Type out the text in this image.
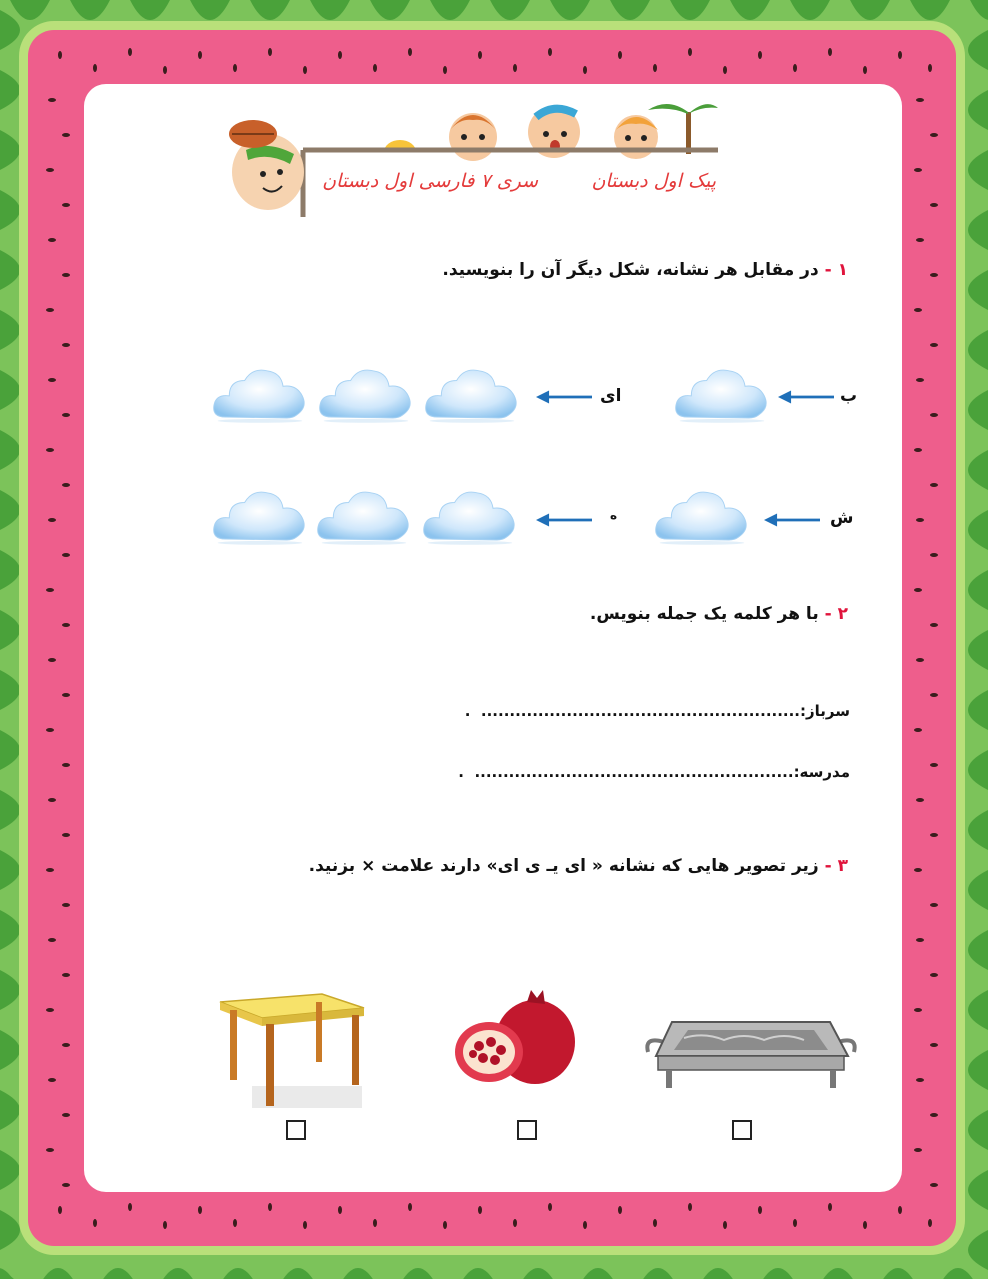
پیک اول دبستان
سری ۷ فارسی اول دبستان
۱ - در مقابل هر نشانه، شکل دیگر آن را بنویسید.
ب
ای
ش
ه
۲ - با هر کلمه یک جمله بنویس.
سرباز:........................................................  .
مدرسه:........................................................  .
۳ - زیر تصویر هایی که نشانه « ای یـ ی ای» دارند علامت × بزنید.
